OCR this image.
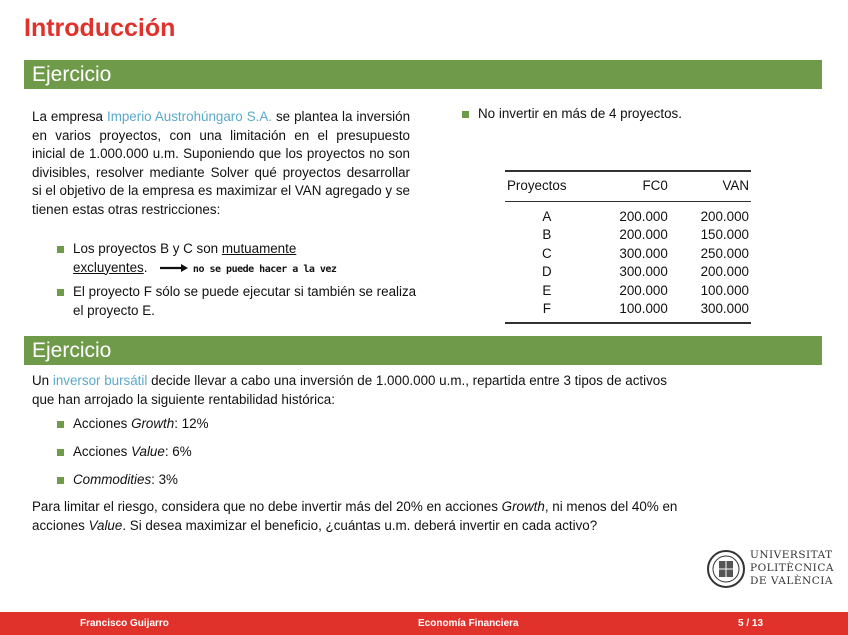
Introducción
Ejercicio
La empresa Imperio Austrohúngaro S.A. se plantea la inversión en varios proyectos, con una limitación en el presupuesto inicial de 1.000.000 u.m. Suponiendo que los proyectos no son divisibles, resolver mediante Solver qué proyectos desarrollar si el objetivo de la empresa es maximizar el VAN agregado y se tienen estas otras restricciones:
Los proyectos B y C son mutuamente
excluyentes.	no se puede hacer a la vez
El proyecto F sólo se puede ejecutar si también se realiza el proyecto E.
No invertir en más de 4 proyectos.
Proyectos	FC0	VAN
A	200.000	200.000
B	200.000	150.000
C	300.000	250.000
D	300.000	200.000
E	200.000	100.000
F	100.000	300.000
Ejercicio
Un inversor bursátil decide llevar a cabo una inversión de 1.000.000 u.m., repartida entre 3 tipos de activos
que han arrojado la siguiente rentabilidad histórica:
Acciones Growth: 12%
Acciones Value: 6%
Commodities: 3%
Para limitar el riesgo, considera que no debe invertir más del 20% en acciones Growth, ni menos del 40% en
acciones Value. Si desea maximizar el beneficio, ¿cuántas u.m. deberá invertir en cada activo?
UNIVERSITAT
POLITÈCNICA
DE VALÈNCIA
Francisco Guijarro	Economía Financiera	5 / 13
